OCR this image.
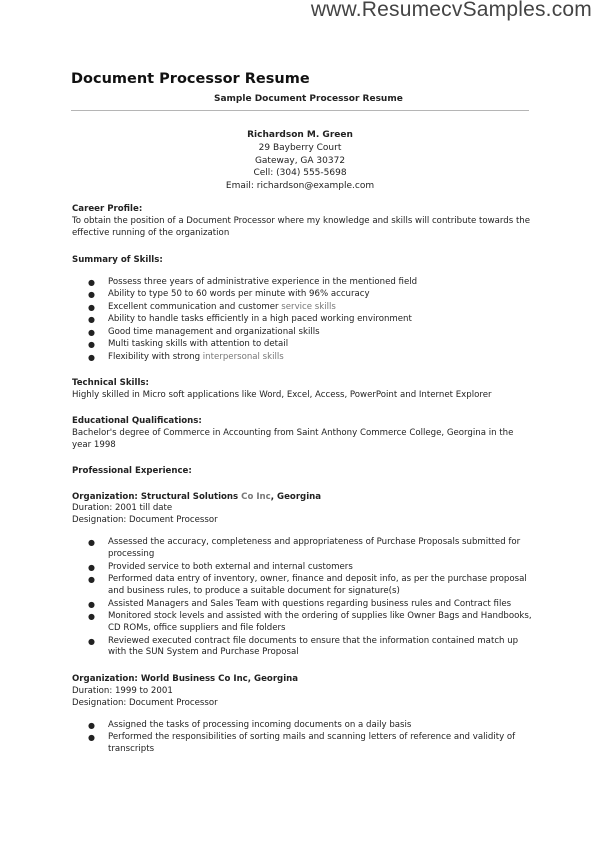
www.ResumecvSamples.com
Document Processor Resume
Sample Document Processor Resume
Richardson M. Green
29 Bayberry Court
Gateway, GA 30372
Cell: (304) 555-5698
Email: richardson@example.com

Career Profile:

To obtain the position of a Document Processor where my knowledge and skills will contribute towards the effective running of the organization

Summary of Skills:

● Possess three years of administrative experience in the mentioned field
● Ability to type 50 to 60 words per minute with 96% accuracy
● Excellent communication and customer service skills
● Ability to handle tasks efficiently in a high paced working environment
● Good time management and organizational skills
● Multi tasking skills with attention to detail
● Flexibility with strong interpersonal skills

Technical Skills:

Highly skilled in Micro soft applications like Word, Excel, Access, PowerPoint and Internet Explorer

Educational Qualifications:

Bachelor's degree of Commerce in Accounting from Saint Anthony Commerce College, Georgina in the year 1998

Professional Experience:

Organization: Structural Solutions Co Inc, Georgina

Duration: 2001 till date

Designation: Document Processor

● Assessed the accuracy, completeness and appropriateness of Purchase Proposals submitted for processing
● Provided service to both external and internal customers
● Performed data entry of inventory, owner, finance and deposit info, as per the purchase proposal and business rules, to produce a suitable document for signature(s)
● Assisted Managers and Sales Team with questions regarding business rules and Contract files
● Monitored stock levels and assisted with the ordering of supplies like Owner Bags and Handbooks, CD ROMs, office suppliers and file folders
● Reviewed executed contract file documents to ensure that the information contained match up with the SUN System and Purchase Proposal

Organization: World Business Co Inc, Georgina

Duration: 1999 to 2001

Designation: Document Processor

● Assigned the tasks of processing incoming documents on a daily basis
● Performed the responsibilities of sorting mails and scanning letters of reference and validity of transcripts
